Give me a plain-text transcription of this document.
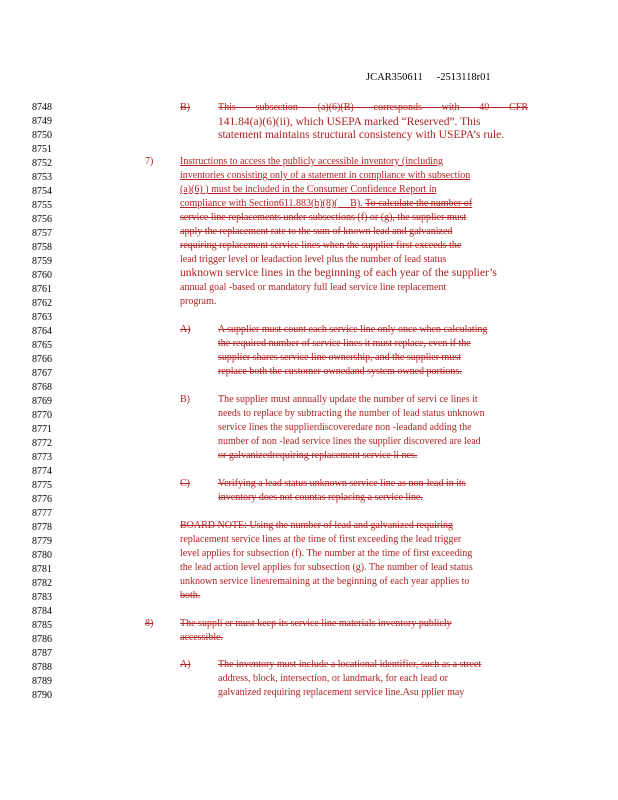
JCAR350611 -2513118r01
8748
8749
8750
8751
8752
8753
8754
8755
8756
8757
8758
8759
8760
8761
8762
8763
8764
8765
8766
8767
8768
8769
8770
8771
8772
8773
8774
8775
8776
8777
8778
8779
8780
8781
8782
8783
8784
8785
8786
8787
8788
8789
8790
B)	This subsection (a)(6)(B) corresponds with 40 CFR
141.84(a)(6)(ii), which USEPA marked “Reserved”. This
statement maintains structural consistency with USEPA’s rule.
7)	Instructions to access the publicly accessible inventory (including
inventories consisting only of a statement in compliance with subsection
(a)(6) ) must be included in the Consumer Confidence Report in
compliance with Section611.883(h)(8)( B). To calculate the number of
service line replacements under subsections (f) or (g), the supplier must
apply the replacement rate to the sum of known lead and galvanized
requiring replacement service lines when the supplier first exceeds the
lead trigger level or leadaction level plus the number of lead status
unknown service lines in the beginning of each year of the supplier’s
annual goal -based or mandatory full lead service line replacement
program.
A)	A supplier must count each service line only once when calculating
the required number of service lines it must replace, even if the
supplier shares service line ownership, and the supplier must
replace both the customer ownedand system owned portions.
B)	The supplier must annually update the number of servi ce lines it
needs to replace by subtracting the number of lead status unknown
service lines the supplierdiscoveredare non -leadand adding the
number of non -lead service lines the supplier discovered are lead
or galvanizedrequiring replacement service li nes.
C)	Verifying a lead status unknown service line as non-lead in its
inventory does not countas replacing a service line.
BOARD NOTE: Using the number of lead and galvanized requiring
replacement service lines at the time of first exceeding the lead trigger
level applies for subsection (f). The number at the time of first exceeding
the lead action level applies for subsection (g). The number of lead status
unknown service linesremaining at the beginning of each year applies to
both.
8)	The suppli er must keep its service line materials inventory publicly
accessible.
A)	The inventory must include a locational identifier, such as a street
address, block, intersection, or landmark, for each lead or
galvanized requiring replacement service line.Asu pplier may
